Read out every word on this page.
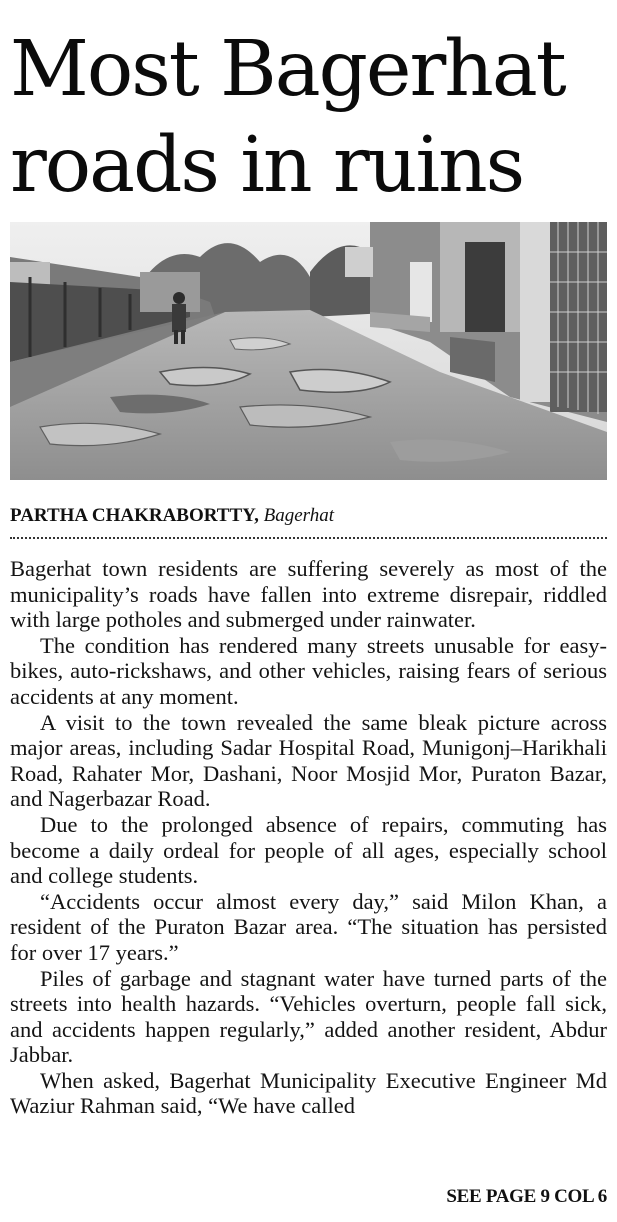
Most Bagerhat
roads in ruins

PARTHA CHAKRABORTTY, Bagerhat

Bagerhat town residents are suffering severely as most of the municipality’s roads have fallen into extreme disrepair, riddled with large potholes and submerged under rainwater.

The condition has rendered many streets unusable for easy-bikes, auto-rickshaws, and other vehicles, raising fears of serious accidents at any moment.

A visit to the town revealed the same bleak picture across major areas, including Sadar Hospital Road, Munigonj–Harikhali Road, Rahater Mor, Dashani, Noor Mosjid Mor, Puraton Bazar, and Nagerbazar Road.

Due to the prolonged absence of repairs, commuting has become a daily ordeal for people of all ages, especially school and college students.

“Accidents occur almost every day,” said Milon Khan, a resident of the Puraton Bazar area. “The situation has persisted for over 17 years.”

Piles of garbage and stagnant water have turned parts of the streets into health hazards. “Vehicles overturn, people fall sick, and accidents happen regularly,” added another resident, Abdur Jabbar.

When asked, Bagerhat Municipality Executive Engineer Md Waziur Rahman said, “We have called

SEE PAGE 9 COL 6
